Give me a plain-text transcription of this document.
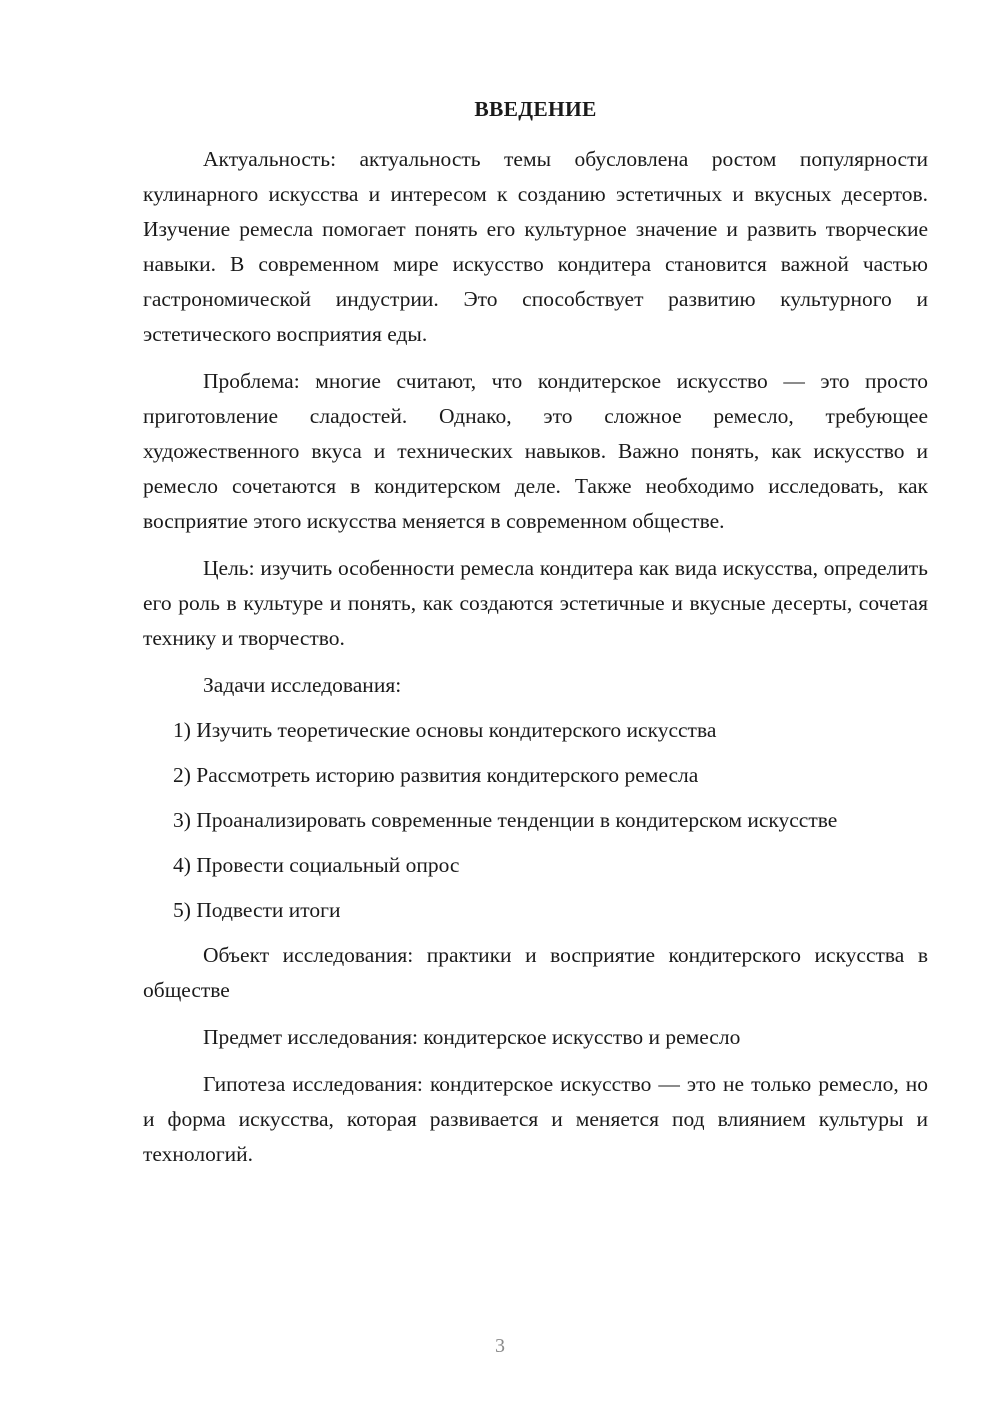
ВВЕДЕНИЕ

Актуальность: актуальность темы обусловлена ростом популярности кулинарного искусства и интересом к созданию эстетичных и вкусных десертов. Изучение ремесла помогает понять его культурное значение и развить творческие навыки. В современном мире искусство кондитера становится важной частью гастрономической индустрии. Это способствует развитию культурного и эстетического восприятия еды.

Проблема: многие считают, что кондитерское искусство — это просто приготовление сладостей. Однако, это сложное ремесло, требующее художественного вкуса и технических навыков. Важно понять, как искусство и ремесло сочетаются в кондитерском деле. Также необходимо исследовать, как восприятие этого искусства меняется в современном обществе.

Цель: изучить особенности ремесла кондитера как вида искусства, определить его роль в культуре и понять, как создаются эстетичные и вкусные десерты, сочетая технику и творчество.

Задачи исследования:

1) Изучить теоретические основы кондитерского искусства

2) Рассмотреть историю развития кондитерского ремесла

3) Проанализировать современные тенденции в кондитерском искусстве

4) Провести социальный опрос

5) Подвести итоги

Объект исследования: практики и восприятие кондитерского искусства в обществе

Предмет исследования: кондитерское искусство и ремесло

Гипотеза исследования: кондитерское искусство — это не только ремесло, но и форма искусства, которая развивается и меняется под влиянием культуры и технологий.

3
